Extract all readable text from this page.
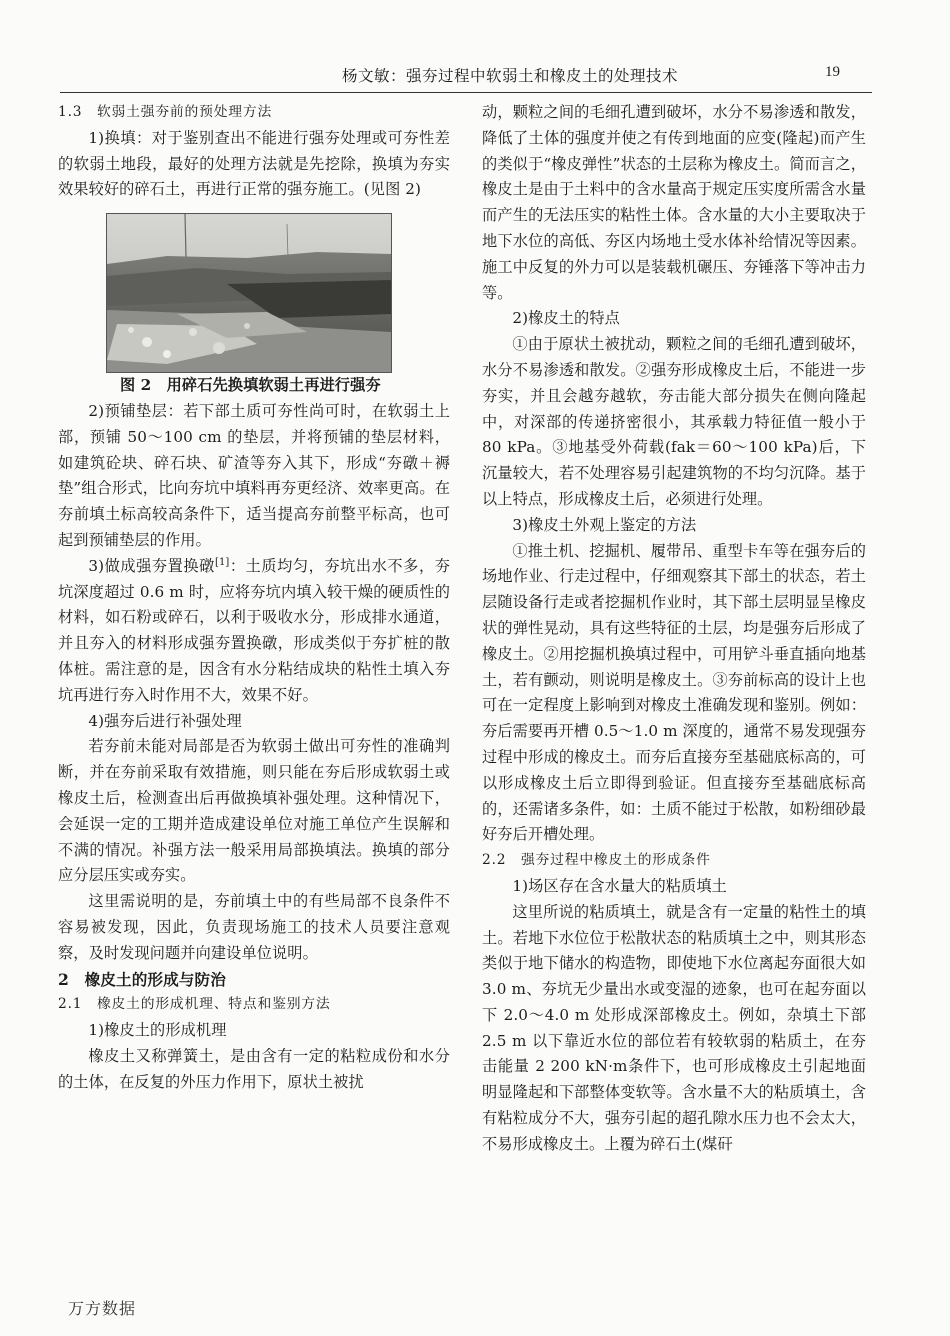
杨文敏：强夯过程中软弱土和橡皮土的处理技术	19

1.3　软弱土强夯前的预处理方法

1)换填：对于鉴别查出不能进行强夯处理或可夯性差的软弱土地段，最好的处理方法就是先挖除，换填为夯实效果较好的碎石土，再进行正常的强夯施工。(见图 2)

图 2　用碎石先换填软弱土再进行强夯

2)预铺垫层：若下部土质可夯性尚可时，在软弱土上部，预铺 50～100 cm 的垫层，并将预铺的垫层材料，如建筑砼块、碎石块、矿渣等夯入其下，形成“夯礅＋褥垫”组合形式，比向夯坑中填料再夯更经济、效率更高。在夯前填土标高较高条件下，适当提高夯前整平标高，也可起到预铺垫层的作用。

3)做成强夯置换礅[1]：土质均匀，夯坑出水不多，夯坑深度超过 0.6 m 时，应将夯坑内填入较干燥的硬质性的材料，如石粉或碎石，以利于吸收水分，形成排水通道，并且夯入的材料形成强夯置换礅，形成类似于夯扩桩的散体桩。需注意的是，因含有水分粘结成块的粘性土填入夯坑再进行夯入时作用不大，效果不好。

4)强夯后进行补强处理

若夯前未能对局部是否为软弱土做出可夯性的准确判断，并在夯前采取有效措施，则只能在夯后形成软弱土或橡皮土后，检测查出后再做换填补强处理。这种情况下，会延误一定的工期并造成建设单位对施工单位产生误解和不满的情况。补强方法一般采用局部换填法。换填的部分应分层压实或夯实。

这里需说明的是，夯前填土中的有些局部不良条件不容易被发现，因此，负责现场施工的技术人员要注意观察，及时发现问题并向建设单位说明。

2　橡皮土的形成与防治

2.1　橡皮土的形成机理、特点和鉴别方法

1)橡皮土的形成机理

橡皮土又称弹簧土，是由含有一定的粘粒成份和水分的土体，在反复的外压力作用下，原状土被扰

动，颗粒之间的毛细孔遭到破坏，水分不易渗透和散发，降低了土体的强度并使之有传到地面的应变(隆起)而产生的类似于“橡皮弹性”状态的土层称为橡皮土。简而言之，橡皮土是由于土料中的含水量高于规定压实度所需含水量而产生的无法压实的粘性土体。含水量的大小主要取决于地下水位的高低、夯区内场地土受水体补给情况等因素。施工中反复的外力可以是装载机碾压、夯锤落下等冲击力等。

2)橡皮土的特点

①由于原状土被扰动，颗粒之间的毛细孔遭到破坏，水分不易渗透和散发。②强夯形成橡皮土后，不能进一步夯实，并且会越夯越软，夯击能大部分损失在侧向隆起中，对深部的传递挤密很小，其承载力特征值一般小于 80 kPa。③地基受外荷载(fak＝60～100 kPa)后，下沉量较大，若不处理容易引起建筑物的不均匀沉降。基于以上特点，形成橡皮土后，必须进行处理。

3)橡皮土外观上鉴定的方法

①推土机、挖掘机、履带吊、重型卡车等在强夯后的场地作业、行走过程中，仔细观察其下部土的状态，若土层随设备行走或者挖掘机作业时，其下部土层明显呈橡皮状的弹性晃动，具有这些特征的土层，均是强夯后形成了橡皮土。②用挖掘机换填过程中，可用铲斗垂直插向地基土，若有颤动，则说明是橡皮土。③夯前标高的设计上也可在一定程度上影响到对橡皮土准确发现和鉴别。例如：夯后需要再开槽 0.5～1.0 m 深度的，通常不易发现强夯过程中形成的橡皮土。而夯后直接夯至基础底标高的，可以形成橡皮土后立即得到验证。但直接夯至基础底标高的，还需诸多条件，如：土质不能过于松散，如粉细砂最好夯后开槽处理。

2.2　强夯过程中橡皮土的形成条件

1)场区存在含水量大的粘质填土

这里所说的粘质填土，就是含有一定量的粘性土的填土。若地下水位位于松散状态的粘质填土之中，则其形态类似于地下储水的构造物，即使地下水位离起夯面很大如 3.0 m、夯坑无少量出水或变湿的迹象，也可在起夯面以下 2.0～4.0 m 处形成深部橡皮土。例如，杂填土下部 2.5 m 以下靠近水位的部位若有较软弱的粘质土，在夯击能量 2 200 kN·m条件下，也可形成橡皮土引起地面明显隆起和下部整体变软等。含水量不大的粘质填土，含有粘粒成分不大，强夯引起的超孔隙水压力也不会太大，不易形成橡皮土。上覆为碎石土(煤矸

万方数据
